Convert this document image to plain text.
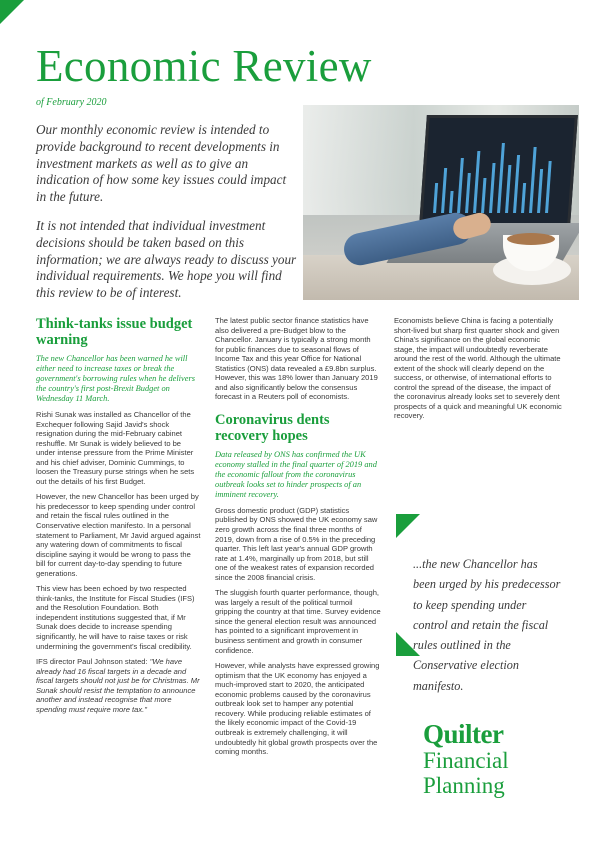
Economic Review
of February 2020

Our monthly economic review is intended to provide background to recent developments in investment markets as well as to give an indication of how some key issues could impact in the future.

It is not intended that individual investment decisions should be taken based on this information; we are always ready to discuss your individual requirements. We hope you will find this review to be of interest.

Think-tanks issue budget warning

The new Chancellor has been warned he will either need to increase taxes or break the government's borrowing rules when he delivers the country's first post-Brexit Budget on Wednesday 11 March.

Rishi Sunak was installed as Chancellor of the Exchequer following Sajid Javid's shock resignation during the mid-February cabinet reshuffle. Mr Sunak is widely believed to be under intense pressure from the Prime Minister and his chief adviser, Dominic Cummings, to loosen the Treasury purse strings when he sets out the details of his first Budget.

However, the new Chancellor has been urged by his predecessor to keep spending under control and retain the fiscal rules outlined in the Conservative election manifesto. In a personal statement to Parliament, Mr Javid argued against any watering down of commitments to fiscal discipline saying it would be wrong to pass the bill for current day-to-day spending to future generations.

This view has been echoed by two respected think-tanks, the Institute for Fiscal Studies (IFS) and the Resolution Foundation. Both independent institutions suggested that, if Mr Sunak does decide to increase spending significantly, he will have to raise taxes or risk undermining the government's fiscal credibility.

IFS director Paul Johnson stated: "We have already had 16 fiscal targets in a decade and fiscal targets should not just be for Christmas. Mr Sunak should resist the temptation to announce another and instead recognise that more spending must require more tax."

The latest public sector finance statistics have also delivered a pre-Budget blow to the Chancellor. January is typically a strong month for public finances due to seasonal flows of Income Tax and this year Office for National Statistics (ONS) data revealed a £9.8bn surplus. However, this was 18% lower than January 2019 and also significantly below the consensus forecast in a Reuters poll of economists.

Coronavirus dents recovery hopes

Data released by ONS has confirmed the UK economy stalled in the final quarter of 2019 and the economic fallout from the coronavirus outbreak looks set to hinder prospects of an imminent recovery.

Gross domestic product (GDP) statistics published by ONS showed the UK economy saw zero growth across the final three months of 2019, down from a rise of 0.5% in the preceding quarter. This left last year's annual GDP growth rate at 1.4%, marginally up from 2018, but still one of the weakest rates of expansion recorded since the 2008 financial crisis.

The sluggish fourth quarter performance, though, was largely a result of the political turmoil gripping the country at that time. Survey evidence since the general election result was announced has pointed to a significant improvement in business sentiment and growth in consumer confidence.

However, while analysts have expressed growing optimism that the UK economy has enjoyed a much-improved start to 2020, the anticipated economic problems caused by the coronavirus outbreak look set to hamper any potential recovery. While producing reliable estimates of the likely economic impact of the Covid-19 outbreak is extremely challenging, it will undoubtedly hit global growth prospects over the coming months.

Economists believe China is facing a potentially short-lived but sharp first quarter shock and given China's significance on the global economic stage, the impact will undoubtedly reverberate around the rest of the world. Although the ultimate extent of the shock will clearly depend on the success, or otherwise, of international efforts to control the spread of the disease, the impact of the coronavirus already looks set to severely dent prospects of a quick and meaningful UK economic recovery.

...the new Chancellor has been urged by his predecessor to keep spending under control and retain the fiscal rules outlined in the Conservative election manifesto.

Quilter
Financial
Planning
